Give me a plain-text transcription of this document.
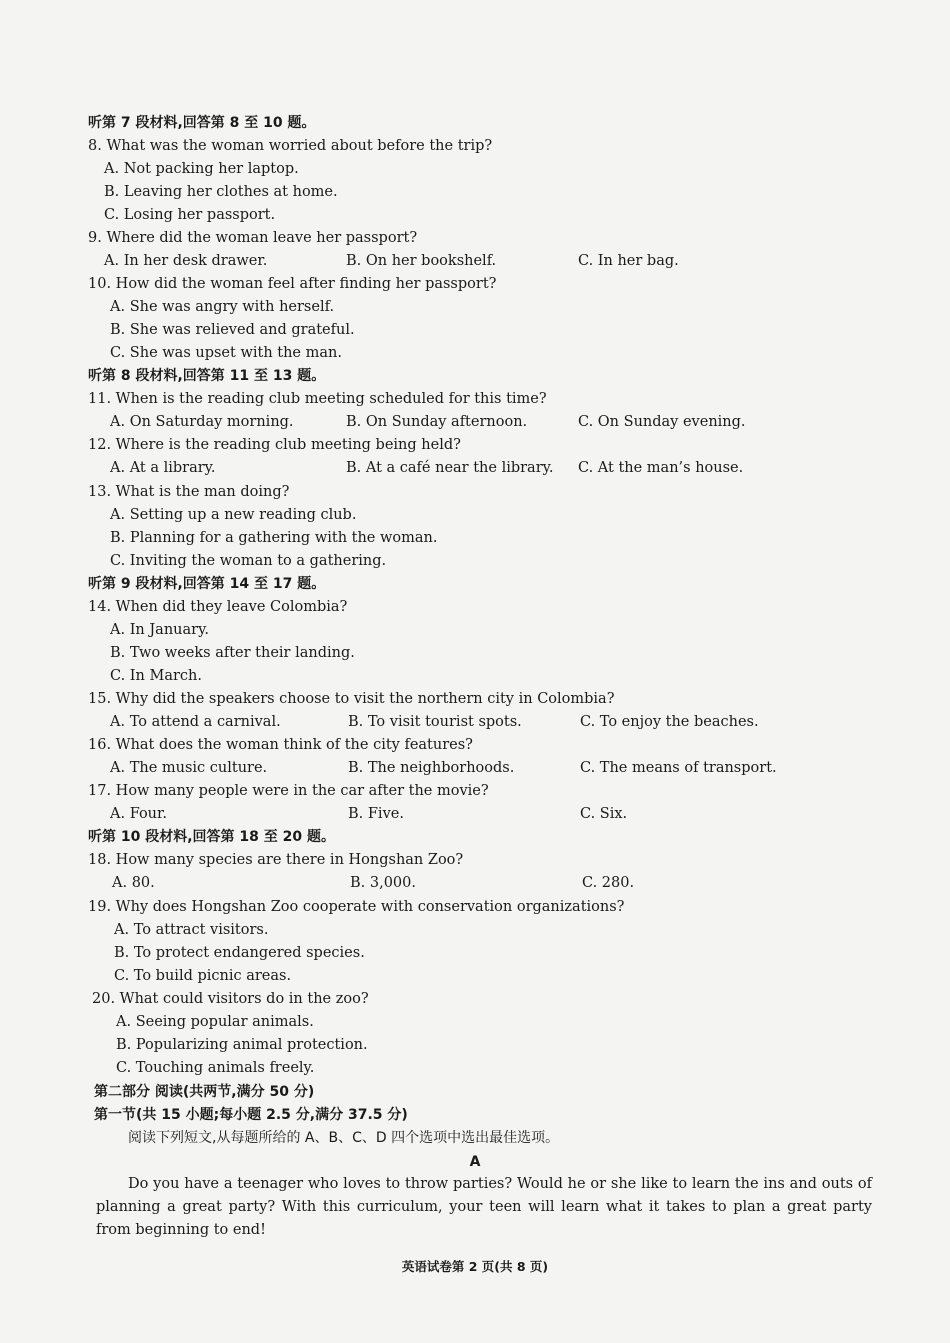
听第 7 段材料,回答第 8 至 10 题。
8. What was the woman worried about before the trip?
A. Not packing her laptop.
B. Leaving her clothes at home.
C. Losing her passport.
9. Where did the woman leave her passport?
A. In her desk drawer.	B. On her bookshelf.	C. In her bag.
10. How did the woman feel after finding her passport?
A. She was angry with herself.
B. She was relieved and grateful.
C. She was upset with the man.
听第 8 段材料,回答第 11 至 13 题。
11. When is the reading club meeting scheduled for this time?
A. On Saturday morning.	B. On Sunday afternoon.	C. On Sunday evening.
12. Where is the reading club meeting being held?
A. At a library.	B. At a café near the library. C. At the man’s house.
13. What is the man doing?
A. Setting up a new reading club.
B. Planning for a gathering with the woman.
C. Inviting the woman to a gathering.
听第 9 段材料,回答第 14 至 17 题。
14. When did they leave Colombia?
A. In January.
B. Two weeks after their landing.
C. In March.
15. Why did the speakers choose to visit the northern city in Colombia?
A. To attend a carnival.	B. To visit tourist spots.	C. To enjoy the beaches.
16. What does the woman think of the city features?
A. The music culture.	B. The neighborhoods.	C. The means of transport.
17. How many people were in the car after the movie?
A. Four.	B. Five.	C. Six.
听第 10 段材料,回答第 18 至 20 题。
18. How many species are there in Hongshan Zoo?
A. 80.	B. 3,000.	C. 280.
19. Why does Hongshan Zoo cooperate with conservation organizations?
A. To attract visitors.
B. To protect endangered species.
C. To build picnic areas.
20. What could visitors do in the zoo?
A. Seeing popular animals.
B. Popularizing animal protection.
C. Touching animals freely.
第二部分 阅读(共两节,满分 50 分)
第一节(共 15 小题;每小题 2.5 分,满分 37.5 分)
阅读下列短文,从每题所给的 A、B、C、D 四个选项中选出最佳选项。
A
Do you have a teenager who loves to throw parties? Would he or she like to learn the ins and outs of planning a great party? With this curriculum, your teen will learn what it takes to plan a great party from beginning to end!
英语试卷第 2 页(共 8 页)
